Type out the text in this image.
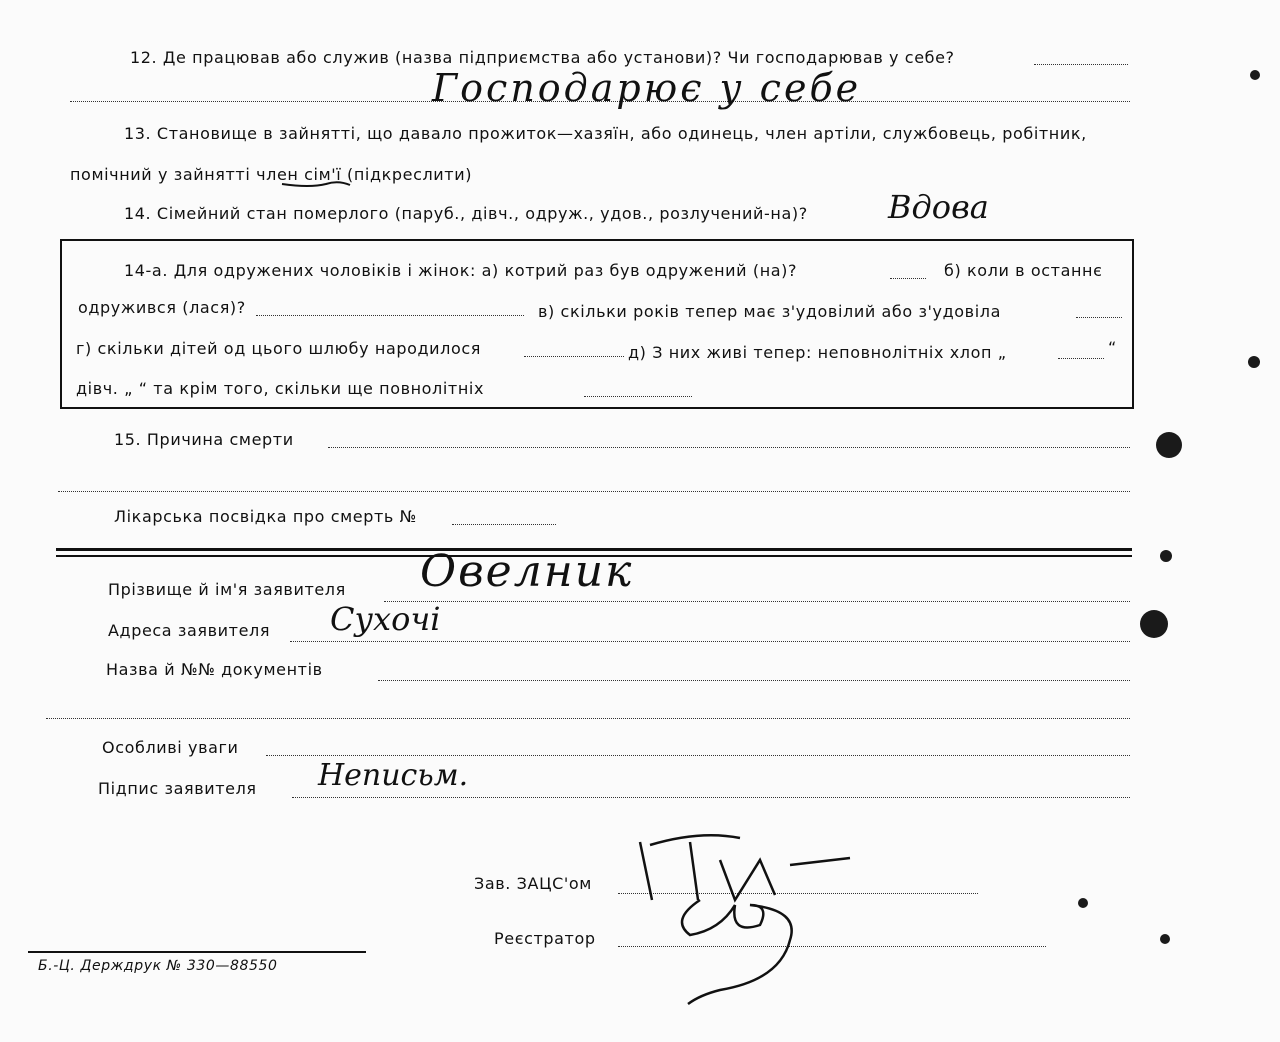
12. Де працював або служив (назва підприємства або установи)? Чи господарював у себе?
Господарює у себе
13. Становище в зайнятті, що давало прожиток—хазяїн, або одинець, член артіли, службовець, робітник,
помічний у зайнятті член сім'ї (підкреслити)
14. Сімейний стан померлого (паруб., дівч., одруж., удов., розлучений-на)?	Вдова
14-а. Для одружених чоловіків і жінок: а) котрий раз був одружений (на)?	б) коли в останнє
одружився (лася)?	в) скільки років тепер має з'удовілий або з'удовіла
г) скільки дітей од цього шлюбу народилося	д) З них живі тепер: неповнолітніх хлоп „	“
дівч. „ “ та крім того, скільки ще повнолітніх
15. Причина смерти
Лікарська посвідка про смерть №
Прізвище й ім'я заявителя Овелник
Адреса заявителя Сухочі
Назва й №№ документів
Особливі уваги
Підпис заявителя Неписьм.
Зав. ЗАЦС'ом
Реєстратор
Б.-Ц. Держдрук № 330—88550
